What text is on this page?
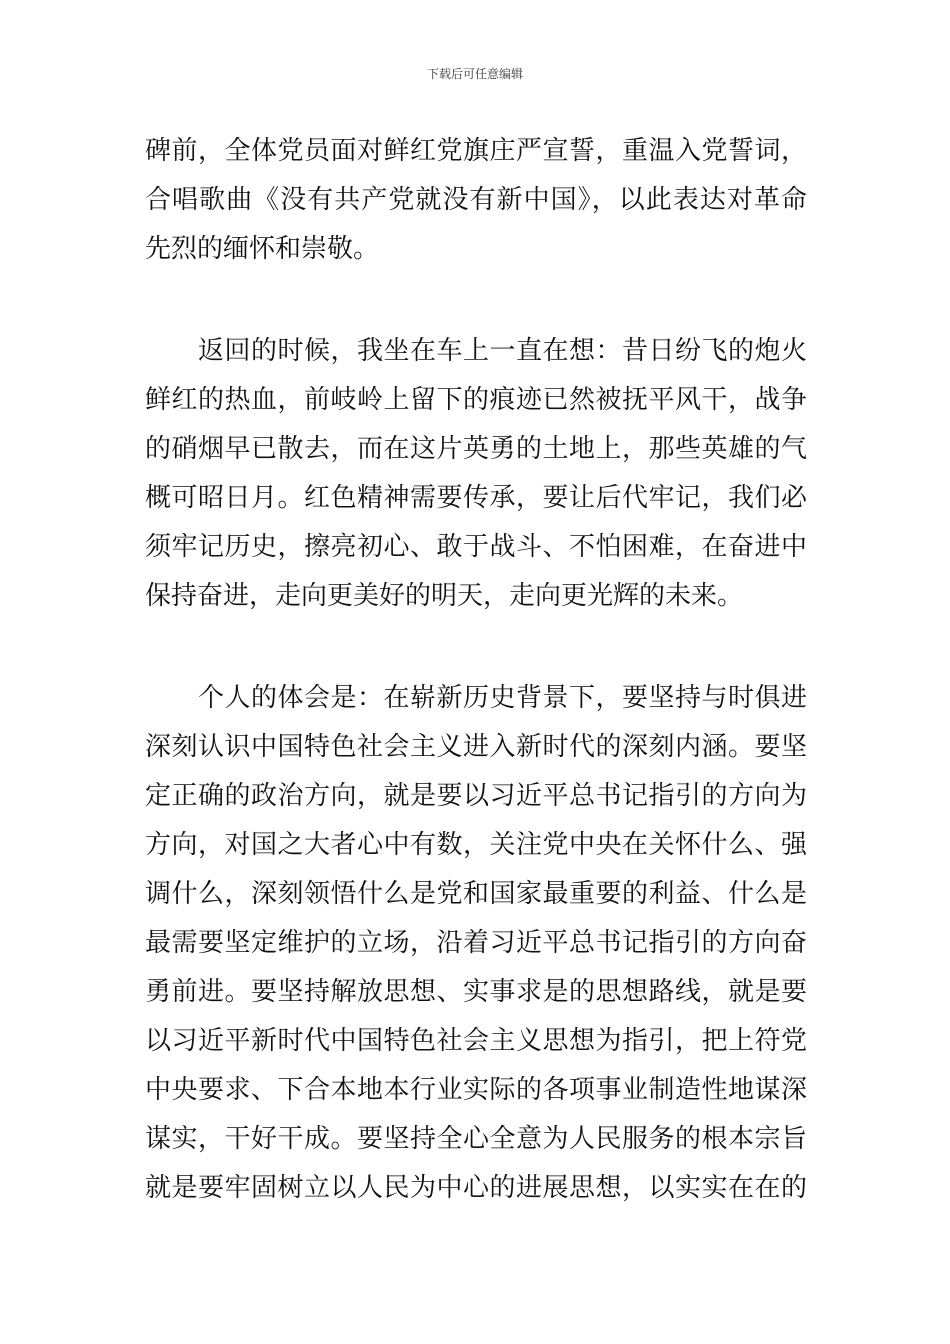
下载后可任意编辑
碑前，全体党员面对鲜红党旗庄严宣誓，重温入党誓词，
合唱歌曲《没有共产党就没有新中国》，以此表达对革命
先烈的缅怀和崇敬。
　　返回的时候，我坐在车上一直在想：昔日纷飞的炮火
鲜红的热血，前岐岭上留下的痕迹已然被抚平风干，战争
的硝烟早已散去，而在这片英勇的土地上，那些英雄的气
概可昭日月。红色精神需要传承，要让后代牢记，我们必
须牢记历史，擦亮初心、敢于战斗、不怕困难，在奋进中
保持奋进，走向更美好的明天，走向更光辉的未来。
　　个人的体会是：在崭新历史背景下，要坚持与时俱进
深刻认识中国特色社会主义进入新时代的深刻内涵。要坚
定正确的政治方向，就是要以习近平总书记指引的方向为
方向，对国之大者心中有数，关注党中央在关怀什么、强
调什么，深刻领悟什么是党和国家最重要的利益、什么是
最需要坚定维护的立场，沿着习近平总书记指引的方向奋
勇前进。要坚持解放思想、实事求是的思想路线，就是要
以习近平新时代中国特色社会主义思想为指引，把上符党
中央要求、下合本地本行业实际的各项事业制造性地谋深
谋实，干好干成。要坚持全心全意为人民服务的根本宗旨
就是要牢固树立以人民为中心的进展思想，以实实在在的
